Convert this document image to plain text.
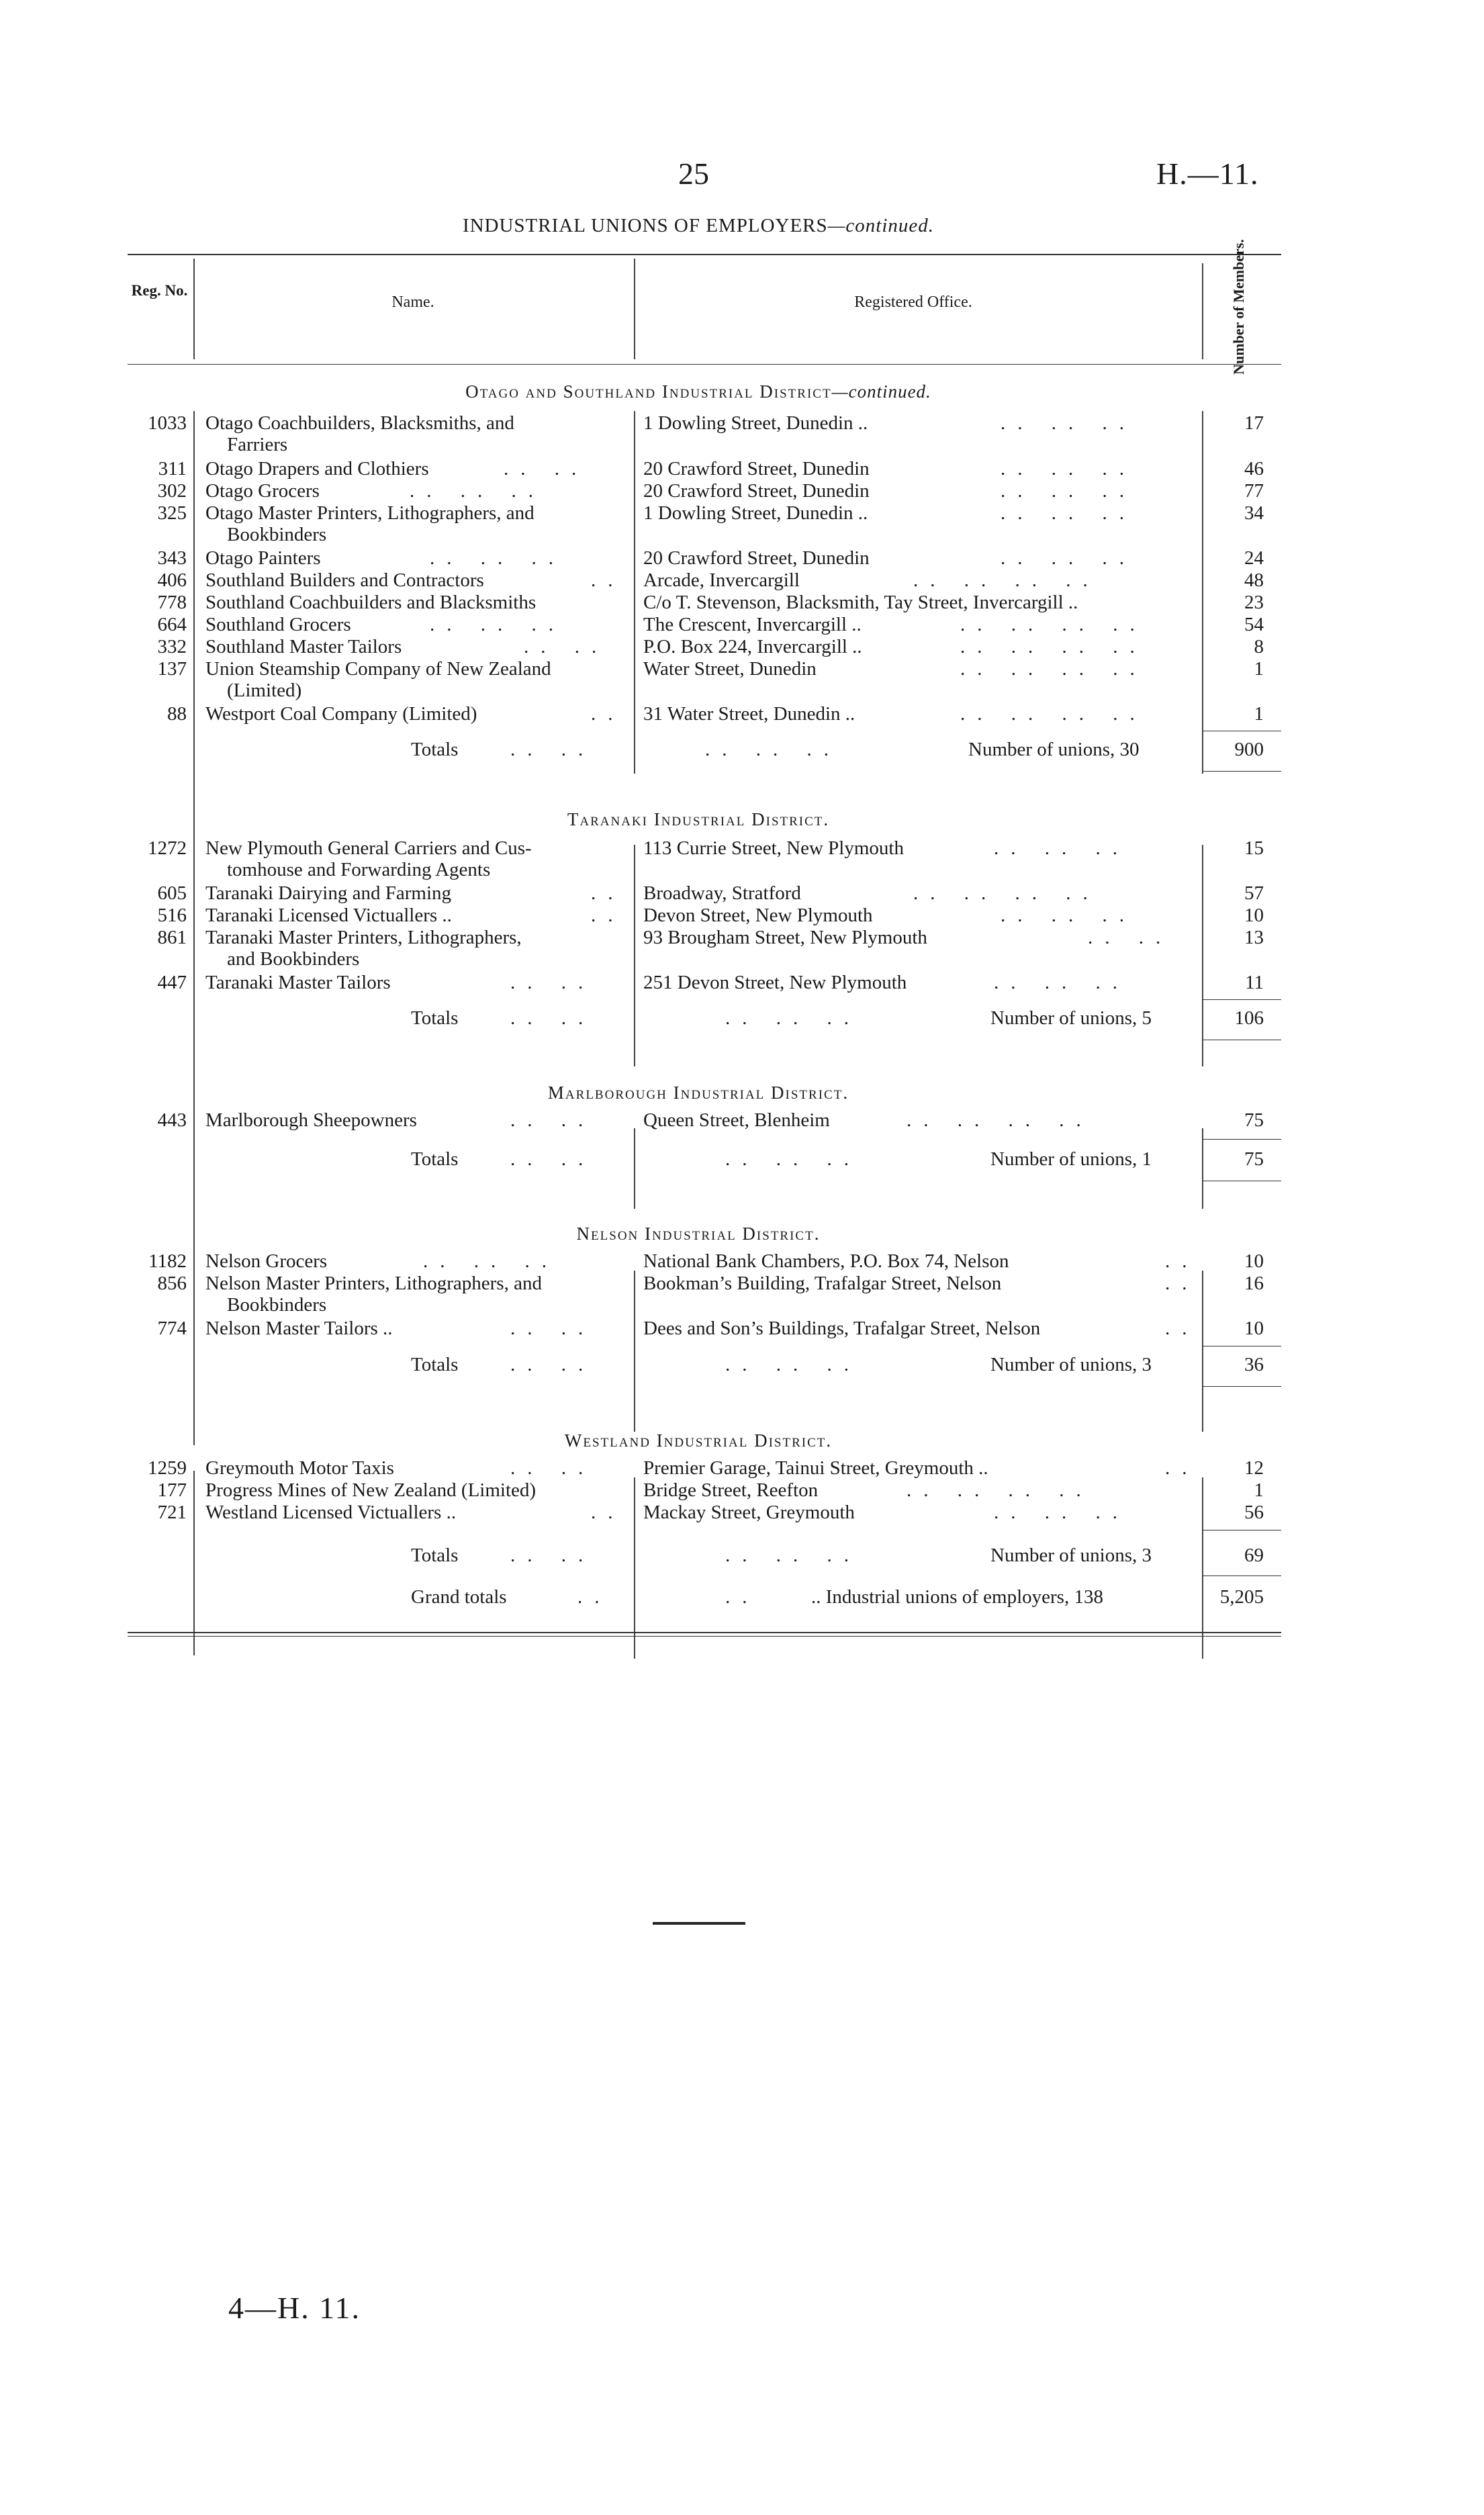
25	H.—11.
INDUSTRIAL UNIONS OF EMPLOYERS—continued.
Reg. No.
Name.	Registered Office.	Number of Members.
Otago and Southland Industrial District—continued.
1033 Otago Coachbuilders, Blacksmiths, and
Farriers
1 Dowling Street, Dunedin ..	.. .. ..	17
311 Otago Drapers and Clothiers	.. ..	20 Crawford Street, Dunedin	.. .. ..	46
302 Otago Grocers	.. .. ..	20 Crawford Street, Dunedin	.. .. ..	77
325 Otago Master Printers, Lithographers, and
Bookbinders
1 Dowling Street, Dunedin ..	.. .. ..	34
343 Otago Painters	.. .. ..	20 Crawford Street, Dunedin	.. .. ..	24
406 Southland Builders and Contractors	.. Arcade, Invercargill	.. .. .. ..	48
778 Southland Coachbuilders and Blacksmiths	C/o T. Stevenson, Blacksmith, Tay Street, Invercargill ..	23
664 Southland Grocers	.. .. ..	The Crescent, Invercargill ..	.. .. .. ..	54
332 Southland Master Tailors	.. .. P.O. Box 224, Invercargill ..	.. .. .. ..	8
137 Union Steamship Company of New Zealand
(Limited)
Water Street, Dunedin	.. .. .. ..	1
88 Westport Coal Company (Limited)	.. 31 Water Street, Dunedin ..	.. .. .. ..	1
Totals	.. ..	.. .. ..	Number of unions, 30	900
Taranaki Industrial District.
1272 New Plymouth General Carriers and Cus-
tomhouse and Forwarding Agents
113 Currie Street, New Plymouth	.. .. ..	15
605 Taranaki Dairying and Farming	.. Broadway, Stratford	.. .. .. ..	57
516 Taranaki Licensed Victuallers ..	.. Devon Street, New Plymouth	.. .. ..	10
861 Taranaki Master Printers, Lithographers,
and Bookbinders
93 Brougham Street, New Plymouth	.. ..	13
447 Taranaki Master Tailors	.. .. 251 Devon Street, New Plymouth	.. .. ..	11
Totals	.. ..	.. .. ..	Number of unions, 5	106
Marlborough Industrial District.
443 Marlborough Sheepowners	.. .. Queen Street, Blenheim	.. .. .. ..	75
Totals	.. ..	.. .. ..	Number of unions, 1	75
Nelson Industrial District.
1182 Nelson Grocers	.. .. ..	National Bank Chambers, P.O. Box 74, Nelson	..	10
856 Nelson Master Printers, Lithographers, and
Bookbinders
Bookman’s Building, Trafalgar Street, Nelson	..	16
774 Nelson Master Tailors ..	.. .. Dees and Son’s Buildings, Trafalgar Street, Nelson	..	10
Totals	.. ..	.. .. ..	Number of unions, 3	36
Westland Industrial District.
1259 Greymouth Motor Taxis	.. .. Premier Garage, Tainui Street, Greymouth ..	..	12
177 Progress Mines of New Zealand (Limited)	Bridge Street, Reefton	.. .. .. ..	1
721 Westland Licensed Victuallers ..	.. Mackay Street, Greymouth	.. .. ..	56
Totals	.. ..	.. .. ..	Number of unions, 3	69
Grand totals	..	..	.. Industrial unions of employers, 138	5,205
4—H. 11.
